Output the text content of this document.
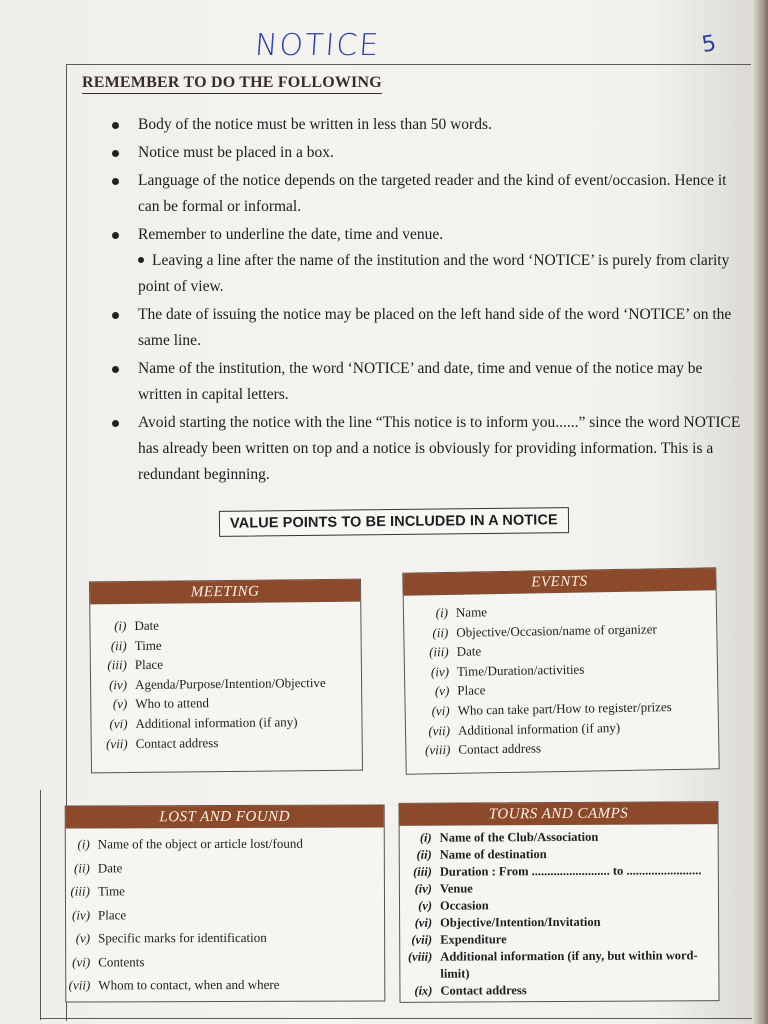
NOTICE	5
REMEMBER TO DO THE FOLLOWING
Body of the notice must be written in less than 50 words.
Notice must be placed in a box.
Language of the notice depends on the targeted reader and the kind of event/occasion. Hence it can be formal or informal.
Remember to underline the date, time and venue.
Leaving a line after the name of the institution and the word ‘NOTICE’ is purely from clarity point of view.
The date of issuing the notice may be placed on the left hand side of the word ‘NOTICE’ on the same line.
Name of the institution, the word ‘NOTICE’ and date, time and venue of the notice may be written in capital letters.
Avoid starting the notice with the line “This notice is to inform you......” since the word NOTICE has already been written on top and a notice is obviously for providing information. This is a redundant beginning.
VALUE POINTS TO BE INCLUDED IN A NOTICE
MEETING
(i) Date
(ii) Time
(iii) Place
(iv) Agenda/Purpose/Intention/Objective
(v) Who to attend
(vi) Additional information (if any)
(vii) Contact address
EVENTS
(i) Name
(ii) Objective/Occasion/name of organizer
(iii) Date
(iv) Time/Duration/activities
(v) Place
(vi) Who can take part/How to register/prizes
(vii) Additional information (if any)
(viii) Contact address
LOST AND FOUND
(i) Name of the object or article lost/found
(ii) Date
(iii) Time
(iv) Place
(v) Specific marks for identification
(vi) Contents
(vii) Whom to contact, when and where
TOURS AND CAMPS
(i) Name of the Club/Association
(ii) Name of destination
(iii) Duration : From ......................... to ........................
(iv) Venue
(v) Occasion
(vi) Objective/Intention/Invitation
(vii) Expenditure
(viii) Additional information (if any, but within word-limit)
(ix) Contact address
